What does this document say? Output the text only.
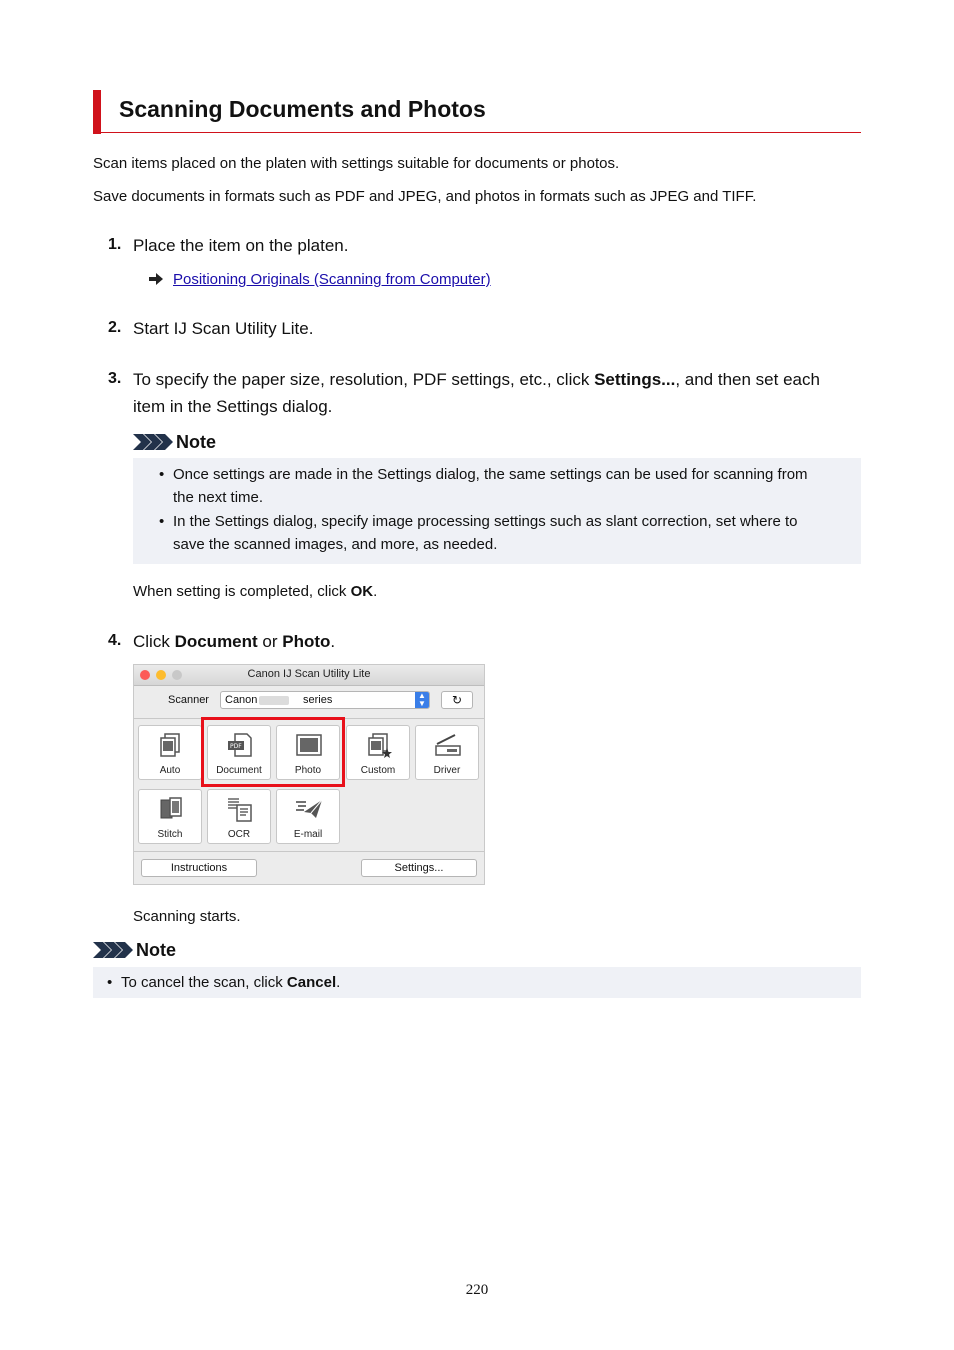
Scanning Documents and Photos
Scan items placed on the platen with settings suitable for documents or photos.
Save documents in formats such as PDF and JPEG, and photos in formats such as JPEG and TIFF.
1. Place the item on the platen.
Positioning Originals (Scanning from Computer)
2. Start IJ Scan Utility Lite.
3. To specify the paper size, resolution, PDF settings, etc., click Settings..., and then set each
item in the Settings dialog.
Note
• Once settings are made in the Settings dialog, the same settings can be used for scanning from
the next time.
• In the Settings dialog, specify image processing settings such as slant correction, set where to
save the scanned images, and more, as needed.
When setting is completed, click OK.
4. Click Document or Photo.
Canon IJ Scan Utility Lite
Scanner Canon	series	▲
▼	↻
Auto
PDF
Document	Photo	Custom	Driver
Stitch	OCR	E-mail
Instructions	Settings...
Scanning starts.
Note
• To cancel the scan, click Cancel.
220
